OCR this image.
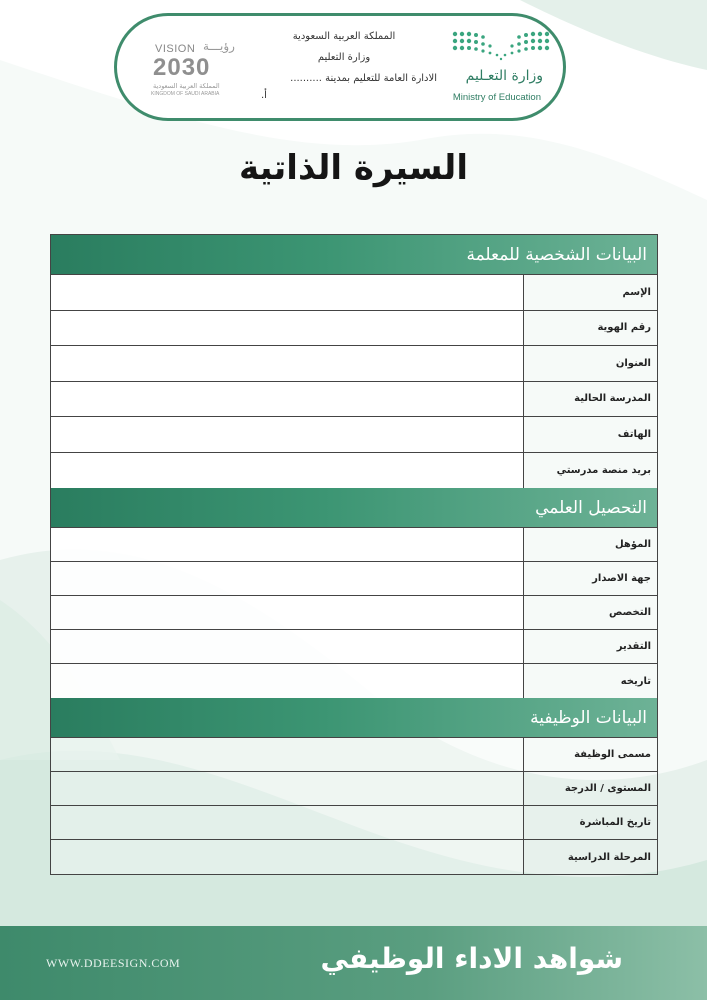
وزارة التعـليم
Ministry of Education
المملكة العربية السعودية
وزارة التعليم
الادارة العامة للتعليم بمدينة ..........
أ.
VISION رؤيـــة
2030
المملكة العربية السعودية
KINGDOM OF SAUDI ARABIA
السيرة الذاتية
البيانات الشخصية للمعلمة
الإسم
رقم الهوية
العنوان
المدرسة الحالية
الهاتف
بريد منصة مدرستي
التحصيل العلمي
المؤهل
جهة الاصدار
التخصص
التقدير
تاريخه
البيانات الوظيفية
مسمى الوظيفة
المستوى / الدرجة
تاريخ المباشرة
المرحلة الدراسية
WWW.DDEESIGN.COM	شواهد الاداء الوظيفي
